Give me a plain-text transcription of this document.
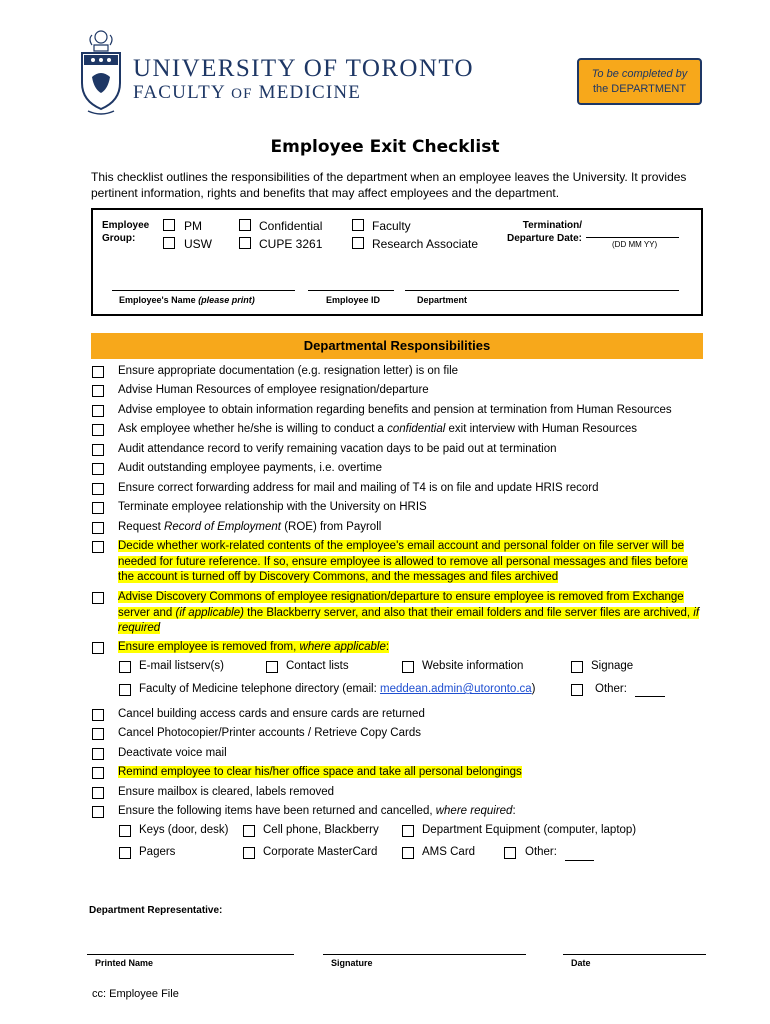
UNIVERSITY OF TORONTO
FACULTY OF MEDICINE
To be completed by
the DEPARTMENT
Employee Exit Checklist
This checklist outlines the responsibilities of the department when an employee leaves the University. It provides pertinent information, rights and benefits that may affect employees and the department.
Employee
Group:
PM
USW
Confidential
CUPE 3261
Faculty
Research Associate
Termination/
Departure Date:
(DD MM YY)
Employee's Name (please print)	Employee ID	Department
Departmental Responsibilities
Ensure appropriate documentation (e.g. resignation letter) is on file
Advise Human Resources of employee resignation/departure
Advise employee to obtain information regarding benefits and pension at termination from Human Resources
Ask employee whether he/she is willing to conduct a confidential exit interview with Human Resources
Audit attendance record to verify remaining vacation days to be paid out at termination
Audit outstanding employee payments, i.e. overtime
Ensure correct forwarding address for mail and mailing of T4 is on file and update HRIS record
Terminate employee relationship with the University on HRIS
Request Record of Employment (ROE) from Payroll
Decide whether work-related contents of the employee's email account and personal folder on file server will be needed for future reference. If so, ensure employee is allowed to remove all personal messages and files before the account is turned off by Discovery Commons, and the messages and files archived
Advise Discovery Commons of employee resignation/departure to ensure employee is removed from Exchange server and (if applicable) the Blackberry server, and also that their email folders and file server files are archived, if required
Ensure employee is removed from, where applicable:
E-mail listserv(s)	Contact lists	Website information	Signage
Faculty of Medicine telephone directory (email: meddean.admin@utoronto.ca)	Other:
Cancel building access cards and ensure cards are returned
Cancel Photocopier/Printer accounts / Retrieve Copy Cards
Deactivate voice mail
Remind employee to clear his/her office space and take all personal belongings
Ensure mailbox is cleared, labels removed
Ensure the following items have been returned and cancelled, where required:
Keys (door, desk)	Cell phone, Blackberry	Department Equipment (computer, laptop)
Pagers	Corporate MasterCard	AMS Card	Other:
Department Representative:
Printed Name	Signature	Date
cc: Employee File
